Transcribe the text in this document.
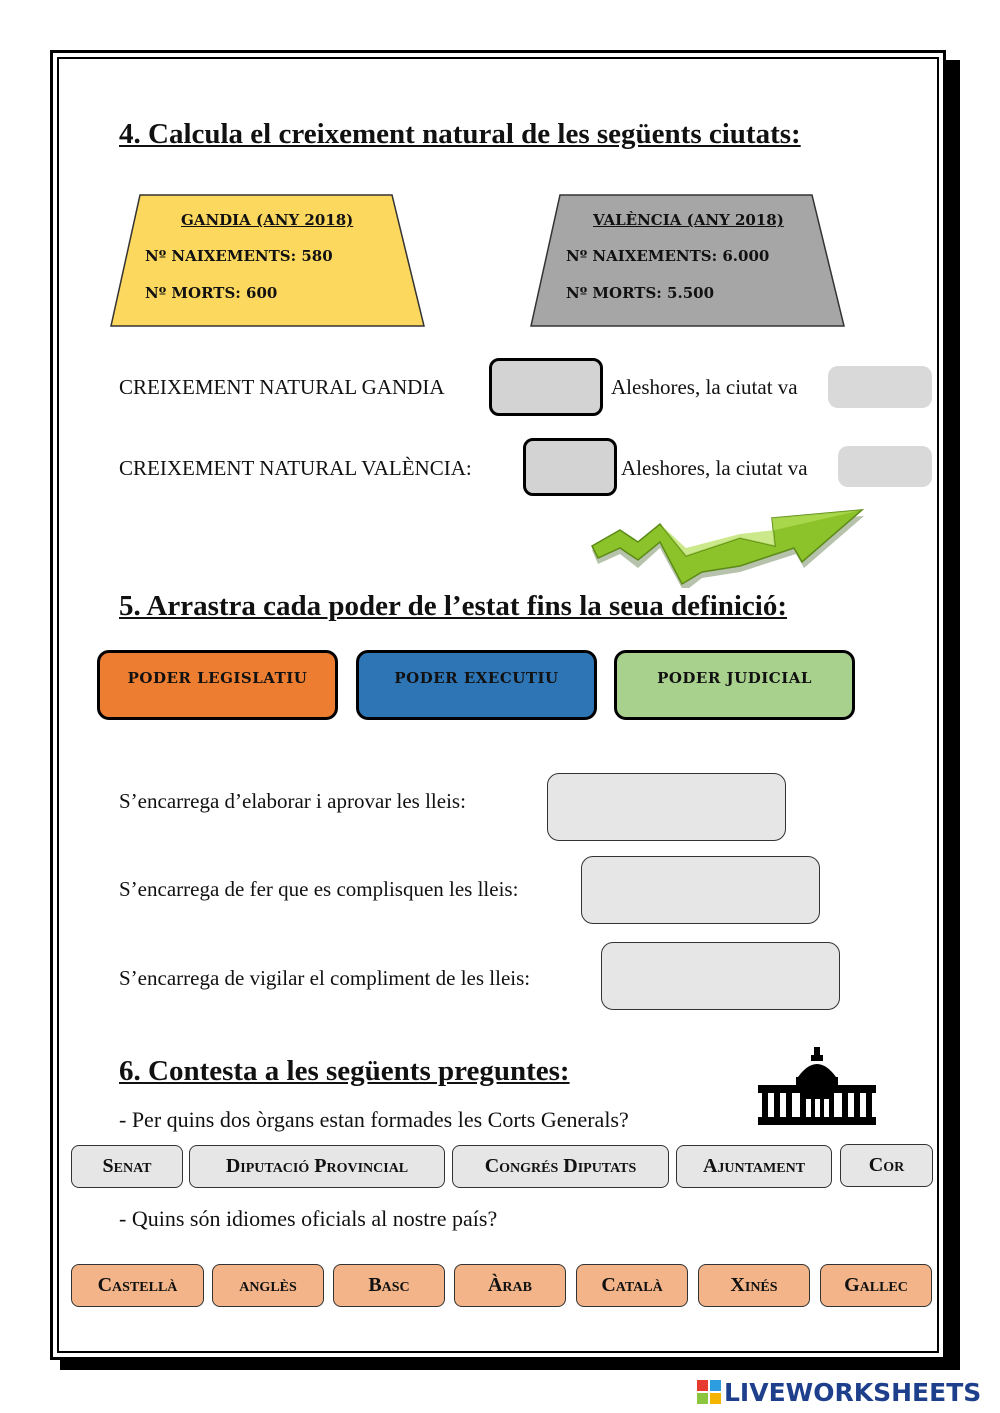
4. Calcula el creixement natural de les següents ciutats:
GANDIA (ANY 2018)
Nº NAIXEMENTS: 580
Nº MORTS: 600
VALÈNCIA (ANY 2018)
Nº NAIXEMENTS: 6.000
Nº MORTS: 5.500
CREIXEMENT NATURAL GANDIA	Aleshores, la ciutat va
CREIXEMENT NATURAL VALÈNCIA:	Aleshores, la ciutat va
5. Arrastra cada poder de l’estat fins la seua definició:
PODER LEGISLATIU	PODER EXECUTIU	PODER JUDICIAL
S’encarrega d’elaborar i aprovar les lleis:
S’encarrega de fer que es complisquen les lleis:
S’encarrega de vigilar el compliment de les lleis:
6. Contesta a les següents preguntes:
- Per quins dos òrgans estan formades les Corts Generals?
Senat	Diputació Provincial	Congrés Diputats	Ajuntament	Cor
- Quins són idiomes oficials al nostre país?
Castellà	anglès	Basc	Àrab	Català	Xinés	Gallec
LIVEWORKSHEETS
